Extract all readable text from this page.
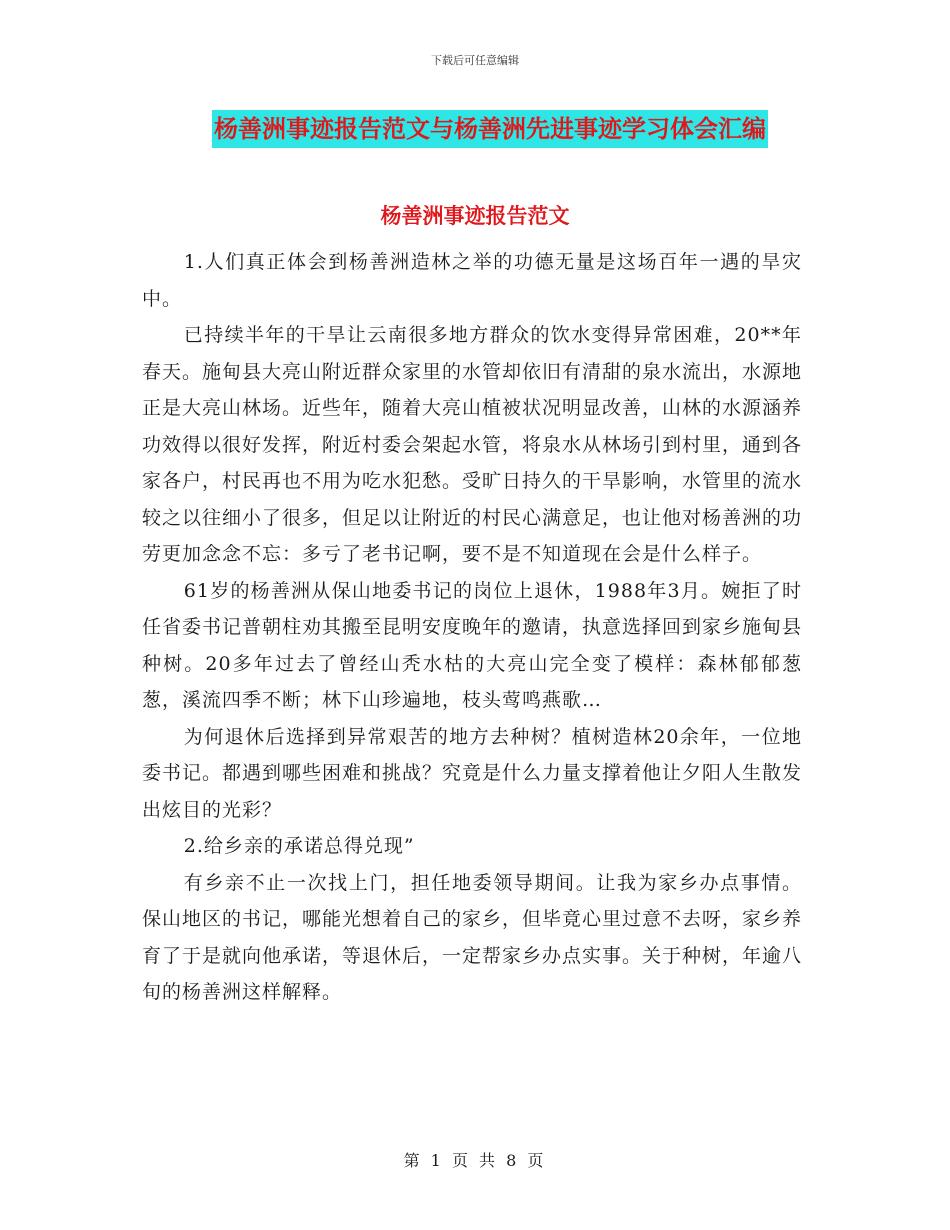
下载后可任意编辑
杨善洲事迹报告范文与杨善洲先进事迹学习体会汇编
杨善洲事迹报告范文

1.人们真正体会到杨善洲造林之举的功德无量是这场百年一遇的旱灾中。

已持续半年的干旱让云南很多地方群众的饮水变得异常困难，20**年春天。施甸县大亮山附近群众家里的水管却依旧有清甜的泉水流出，水源地正是大亮山林场。近些年，随着大亮山植被状况明显改善，山林的水源涵养功效得以很好发挥，附近村委会架起水管，将泉水从林场引到村里，通到各家各户，村民再也不用为吃水犯愁。受旷日持久的干旱影响，水管里的流水较之以往细小了很多，但足以让附近的村民心满意足，也让他对杨善洲的功劳更加念念不忘：多亏了老书记啊，要不是不知道现在会是什么样子。

61岁的杨善洲从保山地委书记的岗位上退休，1988年3月。婉拒了时任省委书记普朝柱劝其搬至昆明安度晚年的邀请，执意选择回到家乡施甸县种树。20多年过去了曾经山秃水枯的大亮山完全变了模样：森林郁郁葱葱，溪流四季不断；林下山珍遍地，枝头莺鸣燕歌…

为何退休后选择到异常艰苦的地方去种树？植树造林20余年，一位地委书记。都遇到哪些困难和挑战？究竟是什么力量支撑着他让夕阳人生散发出炫目的光彩？

2.给乡亲的承诺总得兑现”

有乡亲不止一次找上门，担任地委领导期间。让我为家乡办点事情。保山地区的书记，哪能光想着自己的家乡，但毕竟心里过意不去呀，家乡养育了于是就向他承诺，等退休后，一定帮家乡办点实事。关于种树，年逾八旬的杨善洲这样解释。

第 1 页 共 8 页
